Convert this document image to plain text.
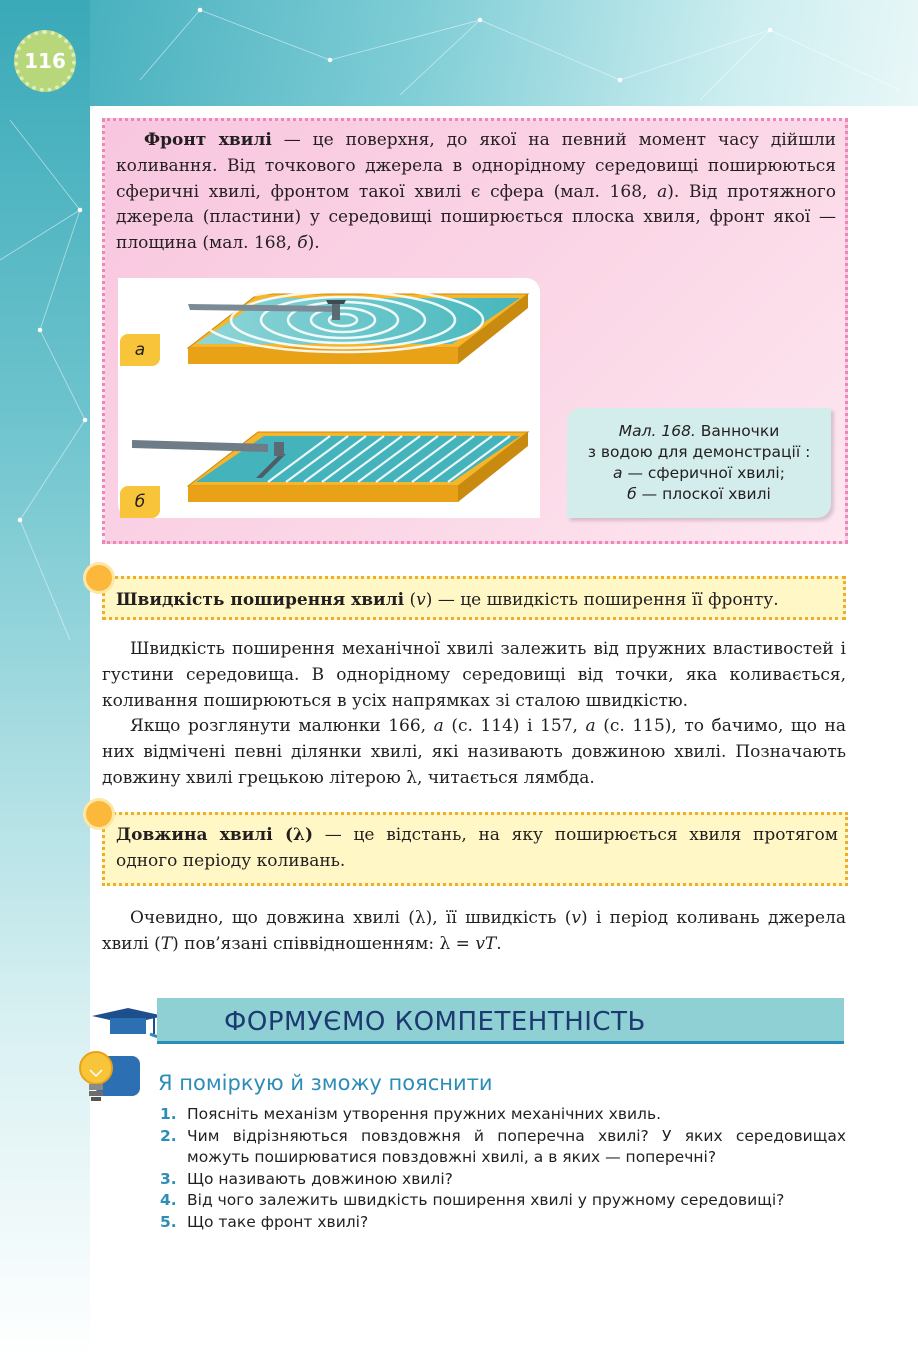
116
Фронт хвилі — це поверхня, до якої на певний момент часу дійшли коливання. Від точкового джерела в однорідному середовищі поширюються сферичні хвилі, фронтом такої хвилі є сфера (мал. 168, а). Від протяжного джерела (пластини) у середовищі поширюється плоска хвиля, фронт якої — площина (мал. 168, б).
а
б
Мал. 168. Ванночки
з водою для демонстрації :
а — сферичної хвилі;
б — плоскої хвилі
Швидкість поширення хвилі (v) — це швидкість поширення її фронту.
Швидкість поширення механічної хвилі залежить від пружних властивостей і густини середовища. В однорідному середовищі від точки, яка коливається, коливання поширюються в усіх напрямках зі сталою швидкістю.
Якщо розглянути малюнки 166, а (с. 114) і 157, а (с. 115), то бачимо, що на них відмічені певні ділянки хвилі, які називають довжиною хвилі. Позначають довжину хвилі грецькою літерою λ, читається лямбда.
Довжина хвилі (λ) — це відстань, на яку поширюється хвиля протягом одного періоду коливань.
Очевидно, що довжина хвилі (λ), її швидкість (v) і період коливань джерела хвилі (T) пов’язані співвідношенням: λ = vT.
ФОРМУЄМО КОМПЕТЕНТНІСТЬ
Я поміркую й зможу пояснити
1. Поясніть механізм утворення пружних механічних хвиль.
2. Чим відрізняються повздовжня й поперечна хвилі? У яких середовищах можуть поширюватися повздовжні хвилі, а в яких — поперечні?
3. Що називають довжиною хвилі?
4. Від чого залежить швидкість поширення хвилі у пружному середовищі?
5. Що таке фронт хвилі?
